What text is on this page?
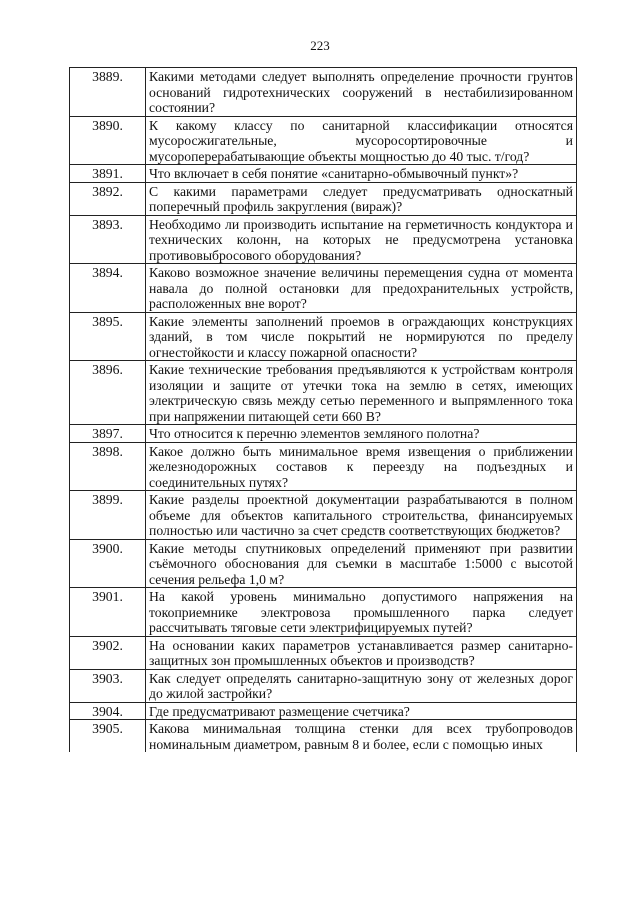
223
3889.	Какими методами следует выполнять определение прочности грунтов оснований гидротехнических сооружений в нестабилизированном состоянии?
3890.	К какому классу по санитарной классификации относятся мусоросжигательные, мусоросортировочные и мусороперерабатывающие объекты мощностью до 40 тыс. т/год?
3891.	Что включает в себя понятие «санитарно-обмывочный пункт»?
3892.	С какими параметрами следует предусматривать односкатный поперечный профиль закругления (вираж)?
3893.	Необходимо ли производить испытание на герметичность кондуктора и технических колонн, на которых не предусмотрена установка противовыбросового оборудования?
3894.	Каково возможное значение величины перемещения судна от момента навала до полной остановки для предохранительных устройств, расположенных вне ворот?
3895.	Какие элементы заполнений проемов в ограждающих конструкциях зданий, в том числе покрытий не нормируются по пределу огнестойкости и классу пожарной опасности?
3896.	Какие технические требования предъявляются к устройствам контроля изоляции и защите от утечки тока на землю в сетях, имеющих электрическую связь между сетью переменного и выпрямленного тока при напряжении питающей сети 660 В?
3897.	Что относится к перечню элементов земляного полотна?
3898.	Какое должно быть минимальное время извещения о приближении железнодорожных составов к переезду на подъездных и соединительных путях?
3899.	Какие разделы проектной документации разрабатываются в полном объеме для объектов капитального строительства, финансируемых полностью или частично за счет средств соответствующих бюджетов?
3900.	Какие методы спутниковых определений применяют при развитии съёмочного обоснования для съемки в масштабе 1:5000 с высотой сечения рельефа 1,0 м?
3901.	На какой уровень минимально допустимого напряжения на токоприемнике электровоза промышленного парка следует рассчитывать тяговые сети электрифицируемых путей?
3902.	На основании каких параметров устанавливается размер санитарно-защитных зон промышленных объектов и производств?
3903.	Как следует определять санитарно-защитную зону от железных дорог до жилой застройки?
3904.	Где предусматривают размещение счетчика?
3905.	Какова минимальная толщина стенки для всех трубопроводов номинальным диаметром, равным 8 и более, если с помощью иных
